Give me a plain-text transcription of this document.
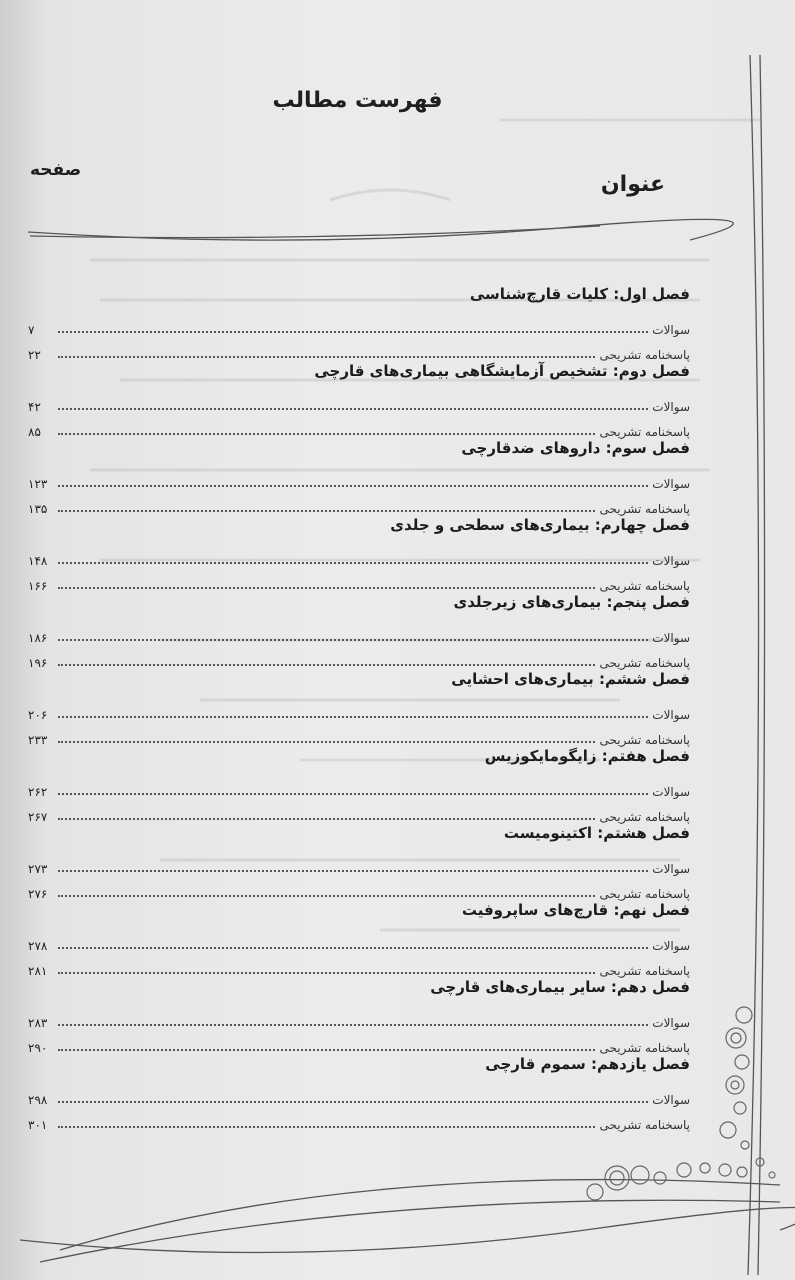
فهرست مطالب
عنوان
صفحه
فصل اول: کلیات قارچ‌شناسی
سوالات
۷
پاسخنامه تشریحی
۲۲
فصل دوم: تشخیص آزمایشگاهی بیماری‌های قارچی
سوالات
۴۲
پاسخنامه تشریحی
۸۵
فصل سوم: داروهای ضدقارچی
سوالات
۱۲۳
پاسخنامه تشریحی
۱۳۵
فصل چهارم: بیماری‌های سطحی و جلدی
سوالات
۱۴۸
پاسخنامه تشریحی
۱۶۶
فصل پنجم: بیماری‌های زیرجلدی
سوالات
۱۸۶
پاسخنامه تشریحی
۱۹۶
فصل ششم: بیماری‌های احشایی
سوالات
۲۰۶
پاسخنامه تشریحی
۲۳۳
فصل هفتم: زایگومایکوزیس
سوالات
۲۶۲
پاسخنامه تشریحی
۲۶۷
فصل هشتم: اکتینومیست
سوالات
۲۷۳
پاسخنامه تشریحی
۲۷۶
فصل نهم: قارچ‌های ساپروفیت
سوالات
۲۷۸
پاسخنامه تشریحی
۲۸۱
فصل دهم: سایر بیماری‌های قارچی
سوالات
۲۸۳
پاسخنامه تشریحی
۲۹۰
فصل یازدهم: سموم قارچی
سوالات
۲۹۸
پاسخنامه تشریحی
۳۰۱
